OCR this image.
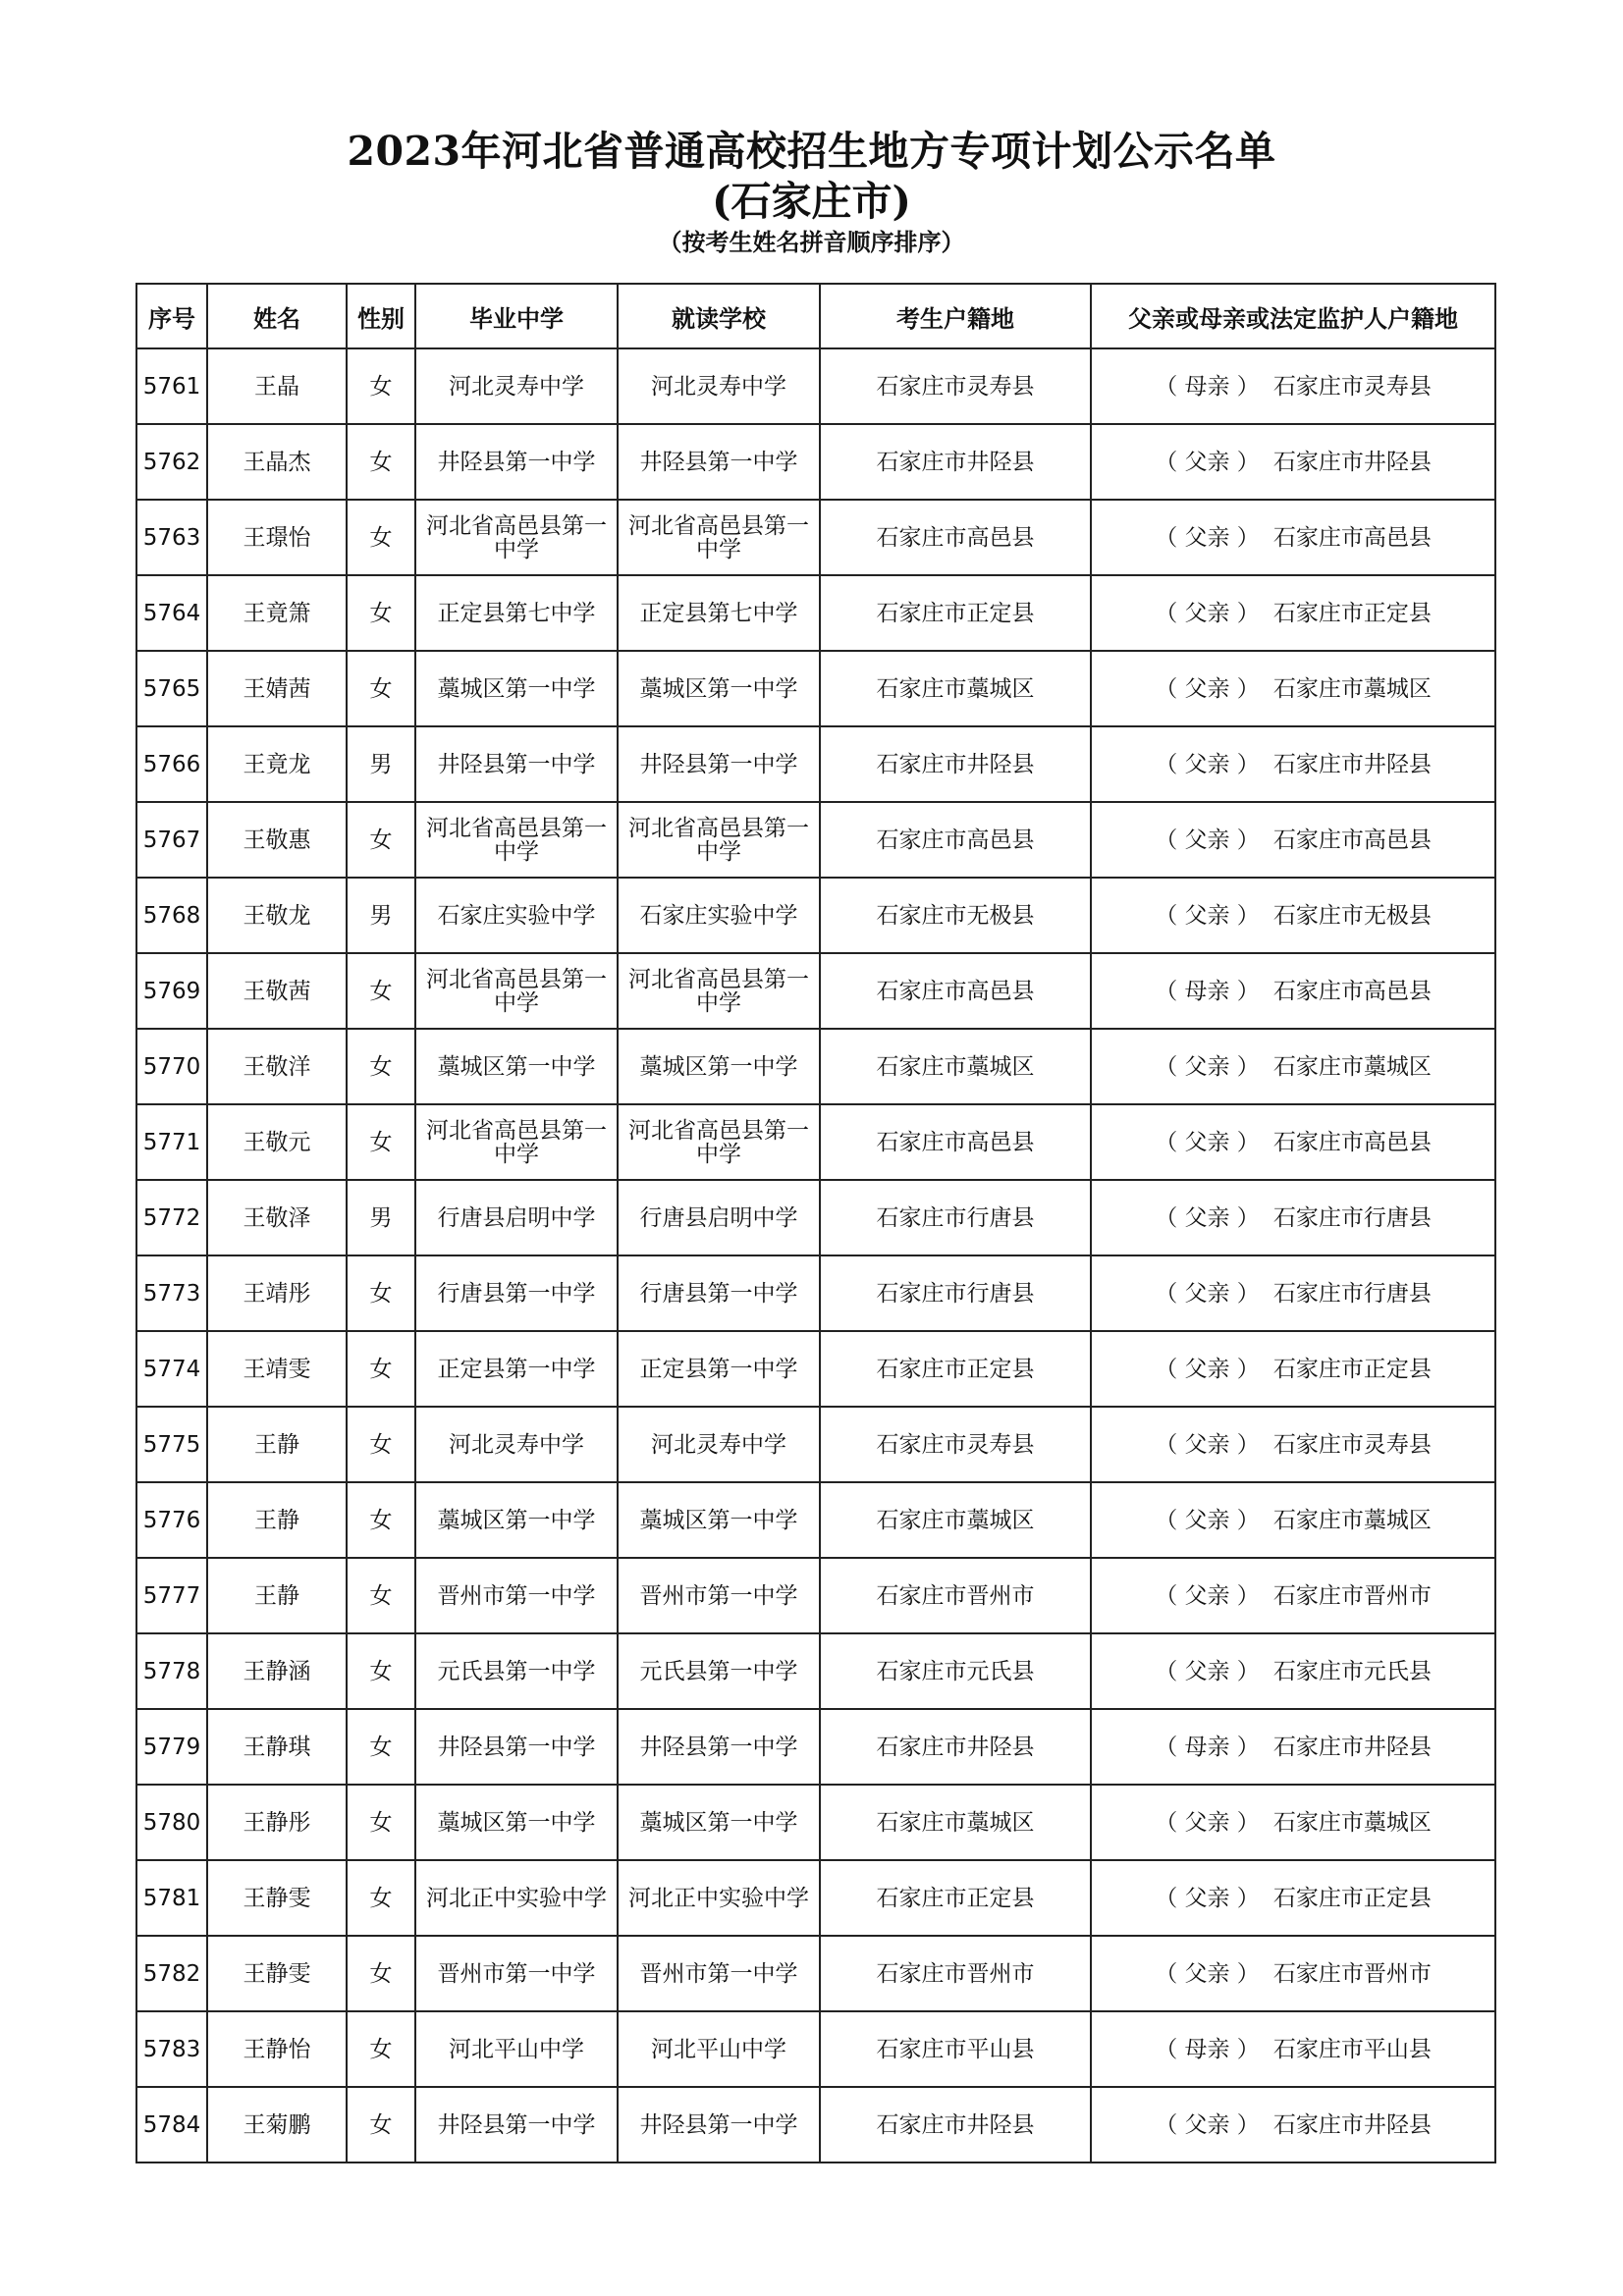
2023年河北省普通高校招生地方专项计划公示名单

(石家庄市)

（按考生姓名拼音顺序排序）

序号	姓名	性别	毕业中学	就读学校	考生户籍地	父亲或母亲或法定监护人户籍地
5761	王晶	女	河北灵寿中学	河北灵寿中学	石家庄市灵寿县	（ 母亲 ） 石家庄市灵寿县
5762	王晶杰	女	井陉县第一中学	井陉县第一中学	石家庄市井陉县	（ 父亲 ） 石家庄市井陉县
5763	王璟怡	女	河北省高邑县第一中学	河北省高邑县第一中学	石家庄市高邑县	（ 父亲 ） 石家庄市高邑县
5764	王竟箫	女	正定县第七中学	正定县第七中学	石家庄市正定县	（ 父亲 ） 石家庄市正定县
5765	王婧茜	女	藁城区第一中学	藁城区第一中学	石家庄市藁城区	（ 父亲 ） 石家庄市藁城区
5766	王竟龙	男	井陉县第一中学	井陉县第一中学	石家庄市井陉县	（ 父亲 ） 石家庄市井陉县
5767	王敬惠	女	河北省高邑县第一中学	河北省高邑县第一中学	石家庄市高邑县	（ 父亲 ） 石家庄市高邑县
5768	王敬龙	男	石家庄实验中学	石家庄实验中学	石家庄市无极县	（ 父亲 ） 石家庄市无极县
5769	王敬茜	女	河北省高邑县第一中学	河北省高邑县第一中学	石家庄市高邑县	（ 母亲 ） 石家庄市高邑县
5770	王敬洋	女	藁城区第一中学	藁城区第一中学	石家庄市藁城区	（ 父亲 ） 石家庄市藁城区
5771	王敬元	女	河北省高邑县第一中学	河北省高邑县第一中学	石家庄市高邑县	（ 父亲 ） 石家庄市高邑县
5772	王敬泽	男	行唐县启明中学	行唐县启明中学	石家庄市行唐县	（ 父亲 ） 石家庄市行唐县
5773	王靖彤	女	行唐县第一中学	行唐县第一中学	石家庄市行唐县	（ 父亲 ） 石家庄市行唐县
5774	王靖雯	女	正定县第一中学	正定县第一中学	石家庄市正定县	（ 父亲 ） 石家庄市正定县
5775	王静	女	河北灵寿中学	河北灵寿中学	石家庄市灵寿县	（ 父亲 ） 石家庄市灵寿县
5776	王静	女	藁城区第一中学	藁城区第一中学	石家庄市藁城区	（ 父亲 ） 石家庄市藁城区
5777	王静	女	晋州市第一中学	晋州市第一中学	石家庄市晋州市	（ 父亲 ） 石家庄市晋州市
5778	王静涵	女	元氏县第一中学	元氏县第一中学	石家庄市元氏县	（ 父亲 ） 石家庄市元氏县
5779	王静琪	女	井陉县第一中学	井陉县第一中学	石家庄市井陉县	（ 母亲 ） 石家庄市井陉县
5780	王静彤	女	藁城区第一中学	藁城区第一中学	石家庄市藁城区	（ 父亲 ） 石家庄市藁城区
5781	王静雯	女	河北正中实验中学	河北正中实验中学	石家庄市正定县	（ 父亲 ） 石家庄市正定县
5782	王静雯	女	晋州市第一中学	晋州市第一中学	石家庄市晋州市	（ 父亲 ） 石家庄市晋州市
5783	王静怡	女	河北平山中学	河北平山中学	石家庄市平山县	（ 母亲 ） 石家庄市平山县
5784	王菊鹏	女	井陉县第一中学	井陉县第一中学	石家庄市井陉县	（ 父亲 ） 石家庄市井陉县
